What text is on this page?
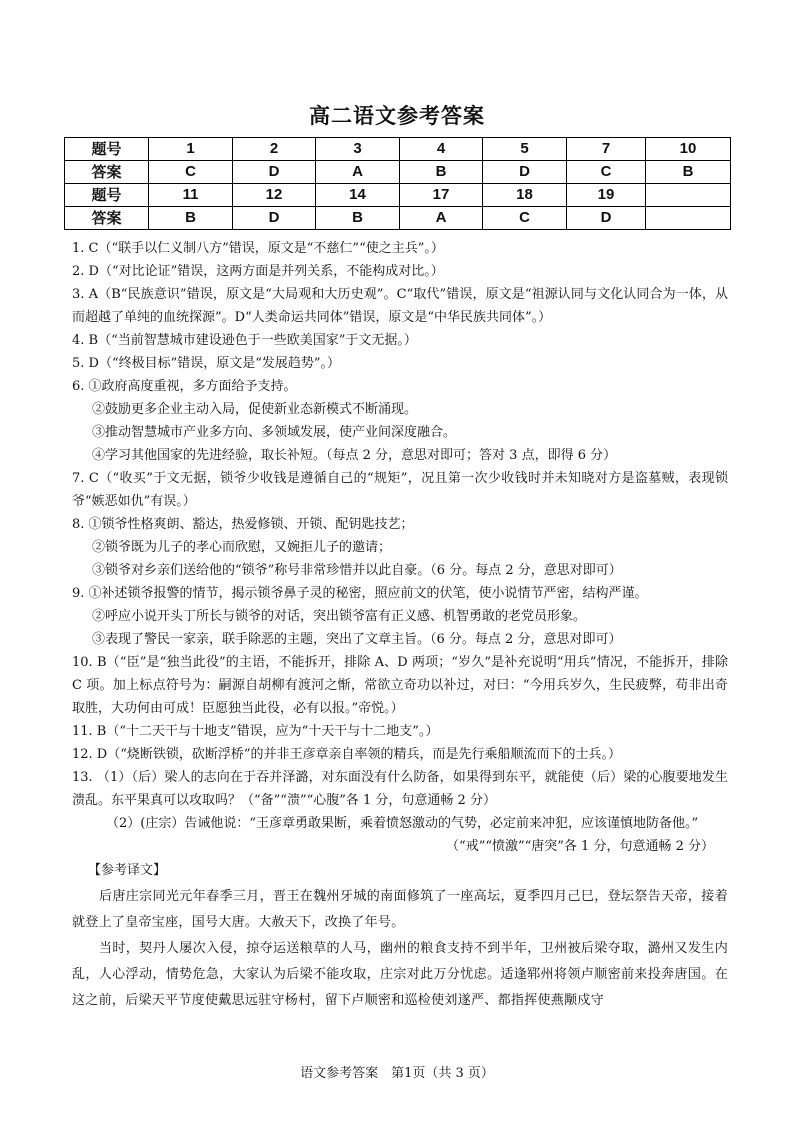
高二语文参考答案
题号	1	2	3	4	5	7	10
答案	C	D	A	B	D	C	B
题号	11	12	14	17	18	19	
答案	B	D	B	A	C	D	

1. C（“联手以仁义制八方”错误，原文是“不慈仁”“使之主兵”。）

2. D（“对比论证”错误，这两方面是并列关系，不能构成对比。）

3. A（B“民族意识”错误，原文是“大局观和大历史观”。C“取代”错误，原文是“祖源认同与文化认同合为一体，从而超越了单纯的血统探源”。D“人类命运共同体”错误，原文是“中华民族共同体”。）

4. B（“当前智慧城市建设逊色于一些欧美国家”于文无据。）

5. D（“终极目标”错误，原文是“发展趋势”。）

6. ①政府高度重视，多方面给予支持。

②鼓励更多企业主动入局，促使新业态新模式不断涌现。

③推动智慧城市产业多方向、多领域发展，使产业间深度融合。

④学习其他国家的先进经验，取长补短。（每点 2 分，意思对即可；答对 3 点，即得 6 分）

7. C（“收买”于文无据，锁爷少收钱是遵循自己的“规矩”，况且第一次少收钱时并未知晓对方是盗墓贼，表现锁爷“嫉恶如仇”有误。）

8. ①锁爷性格爽朗、豁达，热爱修锁、开锁、配钥匙技艺；

②锁爷既为儿子的孝心而欣慰，又婉拒儿子的邀请；

③锁爷对乡亲们送给他的“锁爷”称号非常珍惜并以此自豪。（6 分。每点 2 分，意思对即可）

9. ①补述锁爷报警的情节，揭示锁爷鼻子灵的秘密，照应前文的伏笔，使小说情节严密，结构严谨。

②呼应小说开头丁所长与锁爷的对话，突出锁爷富有正义感、机智勇敢的老党员形象。

③表现了警民一家亲，联手除恶的主题，突出了文章主旨。（6 分。每点 2 分，意思对即可）

10. B（“臣”是“独当此役”的主语，不能拆开，排除 A、D 两项；“岁久”是补充说明“用兵”情况，不能拆开，排除 C 项。加上标点符号为：嗣源自胡柳有渡河之惭，常欲立奇功以补过，对曰：“今用兵岁久，生民疲弊，苟非出奇取胜，大功何由可成！臣愿独当此役，必有以报。”帝悦。）

11. B（“十二天干与十地支”错误，应为“十天干与十二地支”。）

12. D（“烧断铁锁，砍断浮桥”的并非王彦章亲自率领的精兵，而是先行乘船顺流而下的士兵。）

13. （1）（后）梁人的志向在于吞并泽潞，对东面没有什么防备，如果得到东平，就能使（后）梁的心腹要地发生溃乱。东平果真可以攻取吗？（“备”“溃”“心腹”各 1 分，句意通畅 2 分）

（2）(庄宗）告诫他说：“王彦章勇敢果断，乘着愤怒激动的气势，必定前来冲犯，应该谨慎地防备他。”

（“戒”“愤激”“唐突”各 1 分，句意通畅 2 分）

【参考译文】

后唐庄宗同光元年春季三月，晋王在魏州牙城的南面修筑了一座高坛，夏季四月己巳，登坛祭告天帝，接着就登上了皇帝宝座，国号大唐。大赦天下，改换了年号。

当时，契丹人屡次入侵，掠夺运送粮草的人马，幽州的粮食支持不到半年，卫州被后梁夺取，潞州又发生内乱，人心浮动，情势危急，大家认为后梁不能攻取，庄宗对此万分忧虑。适逢郓州将领卢顺密前来投奔唐国。在这之前，后梁天平节度使戴思远驻守杨村，留下卢顺密和巡检使刘遂严、都指挥使燕颙戍守

语文参考答案　第1页（共 3 页）
